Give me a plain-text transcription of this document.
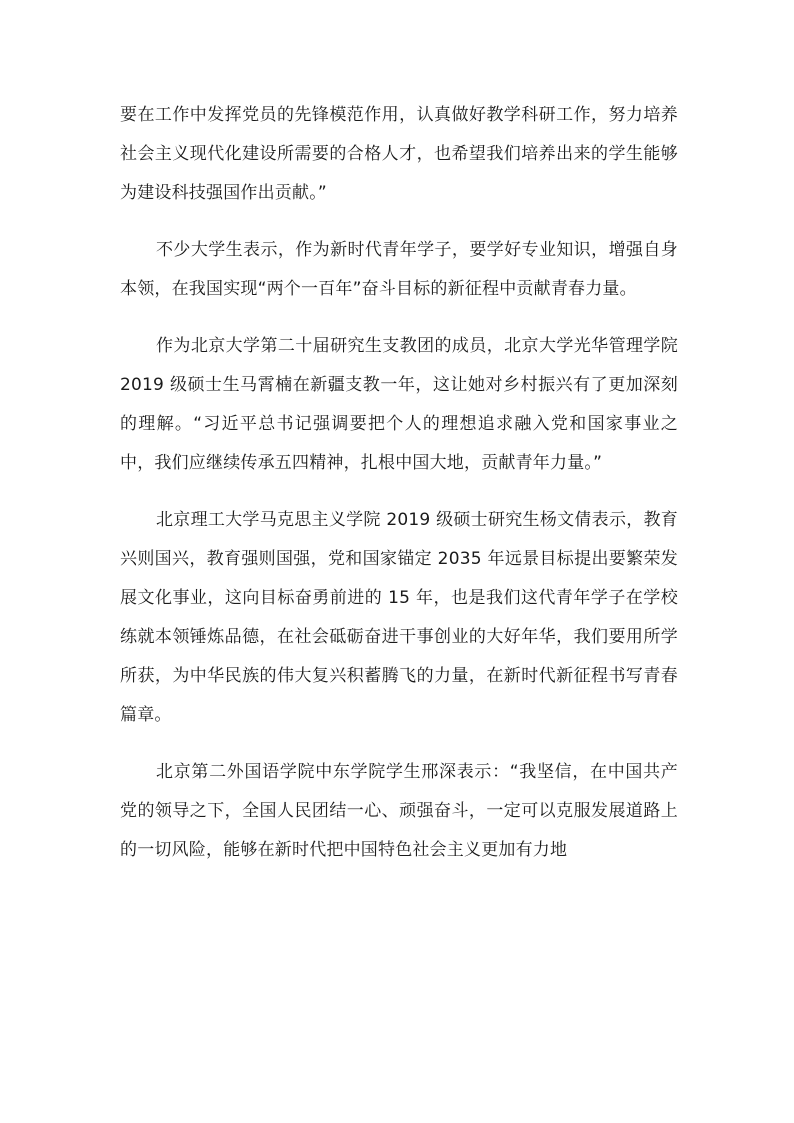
要在工作中发挥党员的先锋模范作用，认真做好教学科研工作，努力培养社会主义现代化建设所需要的合格人才，也希望我们培养出来的学生能够为建设科技强国作出贡献。”

不少大学生表示，作为新时代青年学子，要学好专业知识，增强自身本领，在我国实现“两个一百年”奋斗目标的新征程中贡献青春力量。

作为北京大学第二十届研究生支教团的成员，北京大学光华管理学院 2019 级硕士生马霄楠在新疆支教一年，这让她对乡村振兴有了更加深刻的理解。“习近平总书记强调要把个人的理想追求融入党和国家事业之中，我们应继续传承五四精神，扎根中国大地，贡献青年力量。”

北京理工大学马克思主义学院 2019 级硕士研究生杨文倩表示，教育兴则国兴，教育强则国强，党和国家锚定 2035 年远景目标提出要繁荣发展文化事业，这向目标奋勇前进的 15 年，也是我们这代青年学子在学校练就本领锤炼品德，在社会砥砺奋进干事创业的大好年华，我们要用所学所获，为中华民族的伟大复兴积蓄腾飞的力量，在新时代新征程书写青春篇章。

北京第二外国语学院中东学院学生邢深表示：“我坚信，在中国共产党的领导之下，全国人民团结一心、顽强奋斗，一定可以克服发展道路上的一切风险，能够在新时代把中国特色社会主义更加有力地
